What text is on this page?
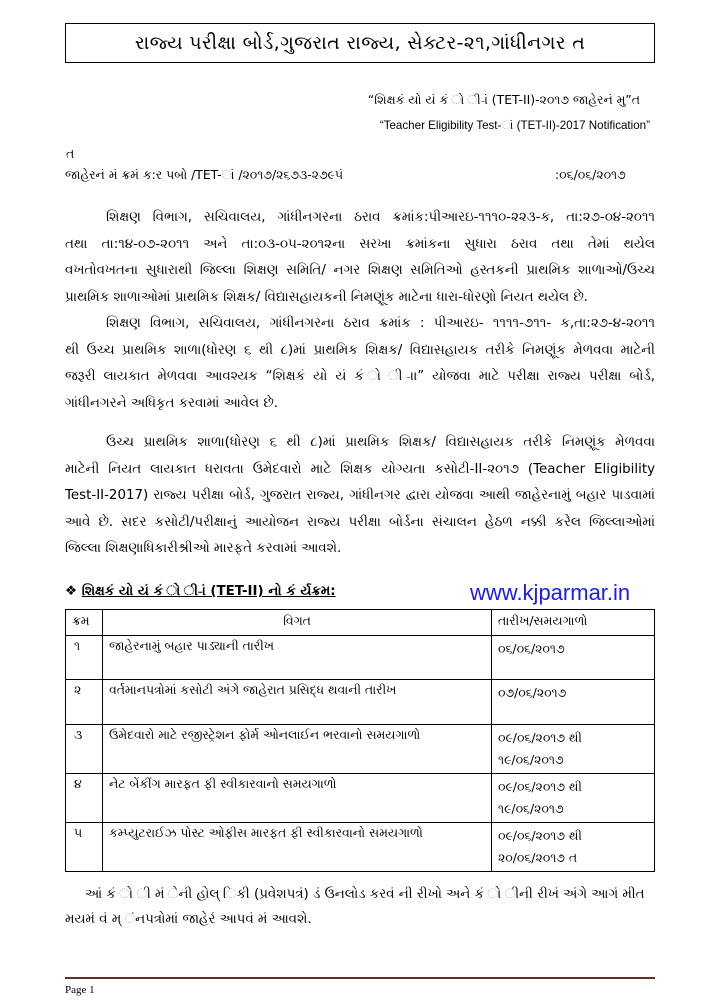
રાજ્ય પરીક્ષા બોર્ડ,ગુજરાત રાજ્ય, સેક્ટર-૨૧,ગાંધીનગર ત
“શિક્ષકં યો યં કં ો ી-ાં (TET-II)-૨૦૧૭ જાહેરનં મુ”ત
“Teacher Eligibility Test-ાં (TET-II)-2017 Notification”
ત
જાહેરનં મં ક્રમં ક:ર પબો /TET-ાં /૨૦૧૭/૨૬૭૩-૨૭૯૫ં	:૦૬/૦૬/૨૦૧૭

શિક્ષણ વિભાગ, સચિવાલય, ગાંધીનગરના ઠરાવ ક્રમાંક:પીઆરઇ-૧૧૧૦-૨૨૩-ક, તા:૨૭-૦૪-૨૦૧૧

તથા તા:૧૪-૦૭-૨૦૧૧ અને તા:૦૩-૦૫-૨૦૧૨ના સરખા ક્રમાંકના સુધારા ઠરાવ તથા તેમાં થયેલ

વખતોવખતના સુધારાથી જિલ્લા શિક્ષણ સમિતિ/ નગર શિક્ષણ સમિતિઓ હસ્તકની પ્રાથમિક શાળાઓ/ઉચ્ચ

પ્રાથમિક શાળાઓમાં પ્રાથમિક શિક્ષક/ વિદ્યાસહાયકની નિમણૂંક માટેના ધારા-ધોરણો નિયત થયેલ છે.

શિક્ષણ વિભાગ, સચિવાલય, ગાંધીનગરના ઠરાવ ક્રમાંક : પીઆરઇ- ૧૧૧૧-૭૧૧- ક,તા:૨૭-૪-૨૦૧૧

થી ઉચ્ચ પ્રાથમિક શાળા(ધોરણ ૬ થી ૮)માં પ્રાથમિક શિક્ષક/ વિદ્યાસહાયક તરીકે નિમણૂંક મેળવવા માટેની

જરૂરી લાયકાત મેળવવા આવશ્યક “શિક્ષકં યો યં કં ો ી-ાા” યોજવા માટે પરીક્ષા રાજ્ય પરીક્ષા બોર્ડ,

ગાંધીનગરને અધિકૃત કરવામાં આવેલ છે.

ઉચ્ચ પ્રાથમિક શાળા(ધોરણ ૬ થી ૮)માં પ્રાથમિક શિક્ષક/ વિદ્યાસહાયક તરીકે નિમણૂંક મેળવવા

માટેની નિયત લાયકાત ધરાવતા ઉમેદવારો માટે શિક્ષક યોગ્યતા કસોટી-II-૨૦૧૭ (Teacher Eligibility

Test-II-2017) રાજ્ય પરીક્ષા બોર્ડ, ગુજરાત રાજ્ય, ગાંધીનગર દ્વારા યોજવા આથી જાહેરનામું બહાર પાડવામાં

આવે છે. સદર કસોટી/પરીક્ષાનું આયોજન રાજ્ય પરીક્ષા બોર્ડના સંચાલન હેઠળ નક્કી કરેલ જિલ્લાઓમાં

જિલ્લા શિક્ષણાધિકારીશ્રીઓ મારફતે કરવામાં આવશે.

❖ શિક્ષકં યો યં કં ો ી-ાં (TET-II) નો કં ર્યક્રમ:	www.kjparmar.in
ક્રમ	વિગત	તારીખ/સમયગાળો
૧	જાહેરનામું બહાર પાડ્યાની તારીખ	૦૬/૦૬/૨૦૧૭

૨	વર્તમાનપત્રોમાં કસોટી અંગે જાહેરાત પ્રસિદ્ધ થવાની તારીખ	૦૭/૦૬/૨૦૧૭

૩	ઉમેદવારો માટે રજીસ્ટ્રેશન ફોર્મ ઓનલાઈન ભરવાનો સમયગાળો	૦૯/૦૬/૨૦૧૭ થી
૧૯/૦૬/૨૦૧૭

૪	નેટ બેંકીંગ મારફત ફી સ્વીકારવાનો સમયગાળો	૦૯/૦૬/૨૦૧૭ થી
૧૯/૦૬/૨૦૧૭

૫	કમ્પ્યુટરાઈઝ પોસ્ટ ઓફીસ મારફત ફી સ્વીકારવાનો સમયગાળો	૦૯/૦૬/૨૦૧૭ થી
૨૦/૦૬/૨૦૧૭ ત

આં કં ો ી મં ેની હોલ્ િકી (પ્રવેશપત્રં) ડં ઉનલોડ કરવં ની રીખો અને કં ો ીની રીખં અંગે આગં મીત

મયમં વં મ્ ંનપત્રોમાં જાહેરં આપવં મં આવશે.

Page 1
